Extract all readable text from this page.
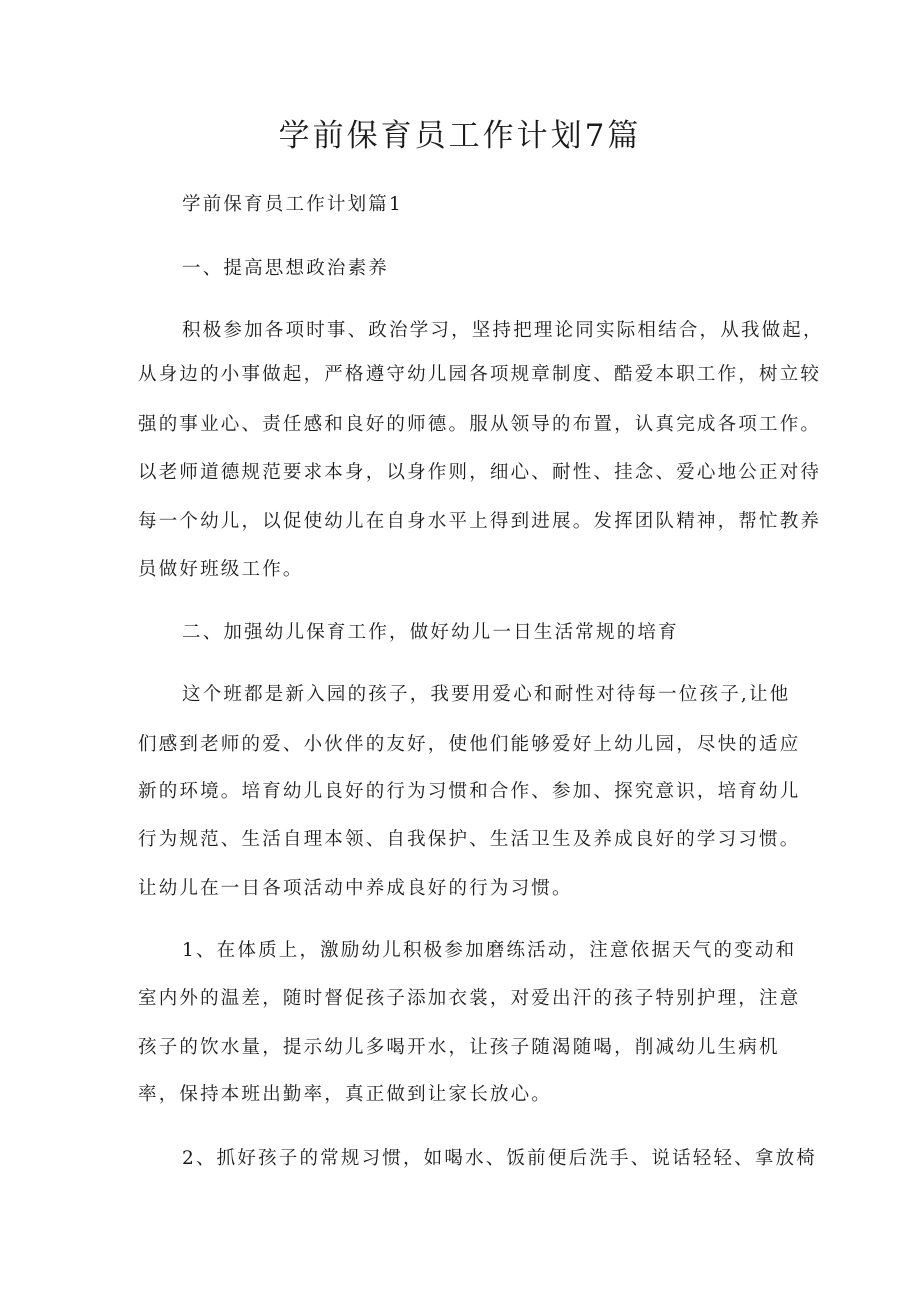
学前保育员工作计划7篇

学前保育员工作计划篇1

一、提高思想政治素养

积极参加各项时事、政治学习，坚持把理论同实际相结合，从我做起，

从身边的小事做起，严格遵守幼儿园各项规章制度、酷爱本职工作，树立较

强的事业心、责任感和良好的师德。服从领导的布置，认真完成各项工作。

以老师道德规范要求本身，以身作则，细心、耐性、挂念、爱心地公正对待

每一个幼儿，以促使幼儿在自身水平上得到进展。发挥团队精神，帮忙教养

员做好班级工作。

二、加强幼儿保育工作，做好幼儿一日生活常规的培育

这个班都是新入园的孩子，我要用爱心和耐性对待每一位孩子,让他

们感到老师的爱、小伙伴的友好，使他们能够爱好上幼儿园，尽快的适应

新的环境。培育幼儿良好的行为习惯和合作、参加、探究意识，培育幼儿

行为规范、生活自理本领、自我保护、生活卫生及养成良好的学习习惯。

让幼儿在一日各项活动中养成良好的行为习惯。

1、在体质上，激励幼儿积极参加磨练活动，注意依据天气的变动和

室内外的温差，随时督促孩子添加衣裳，对爱出汗的孩子特别护理，注意

孩子的饮水量，提示幼儿多喝开水，让孩子随渴随喝，削减幼儿生病机

率，保持本班出勤率，真正做到让家长放心。

2、抓好孩子的常规习惯，如喝水、饭前便后洗手、说话轻轻、拿放椅
